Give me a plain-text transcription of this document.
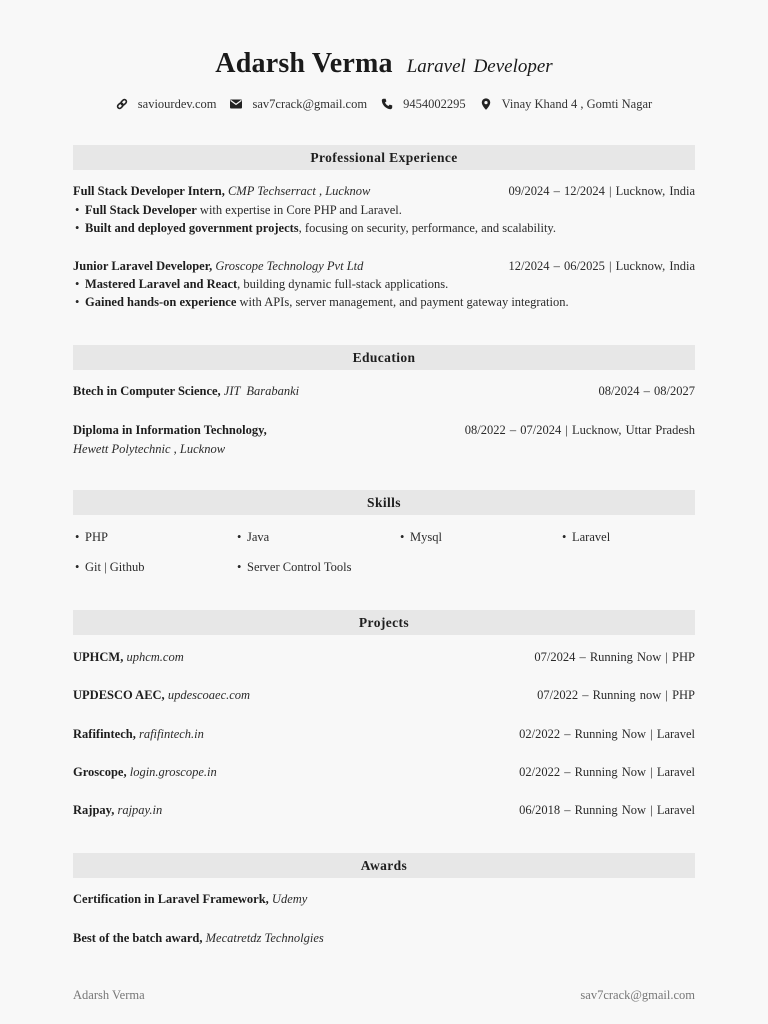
Adarsh Verma Laravel Developer
saviourdev.com	sav7crack@gmail.com	9454002295	Vinay Khand 4 , Gomti Nagar
Professional Experience
Full Stack Developer Intern, CMP Techserract , Lucknow	09/2024 – 12/2024 | Lucknow, India
• Full Stack Developer with expertise in Core PHP and Laravel.
• Built and deployed government projects, focusing on security, performance, and scalability.
Junior Laravel Developer, Groscope Technology Pvt Ltd	12/2024 – 06/2025 | Lucknow, India
• Mastered Laravel and React, building dynamic full-stack applications.
• Gained hands-on experience with APIs, server management, and payment gateway integration.
Education
Btech in Computer Science, JIT Barabanki	08/2024 – 08/2027
Diploma in Information Technology,	08/2022 – 07/2024 | Lucknow, Uttar Pradesh
Hewett Polytechnic , Lucknow
Skills
• PHP	• Java	• Mysql	• Laravel
• Git | Github	• Server Control Tools
Projects
UPHCM, uphcm.com	07/2024 – Running Now | PHP
UPDESCO AEC, updescoaec.com	07/2022 – Running now | PHP
Rafifintech, rafifintech.in	02/2022 – Running Now | Laravel
Groscope, login.groscope.in	02/2022 – Running Now | Laravel
Rajpay, rajpay.in	06/2018 – Running Now | Laravel
Awards
Certification in Laravel Framework, Udemy
Best of the batch award, Mecatretdz Technolgies
Adarsh Verma	sav7crack@gmail.com
